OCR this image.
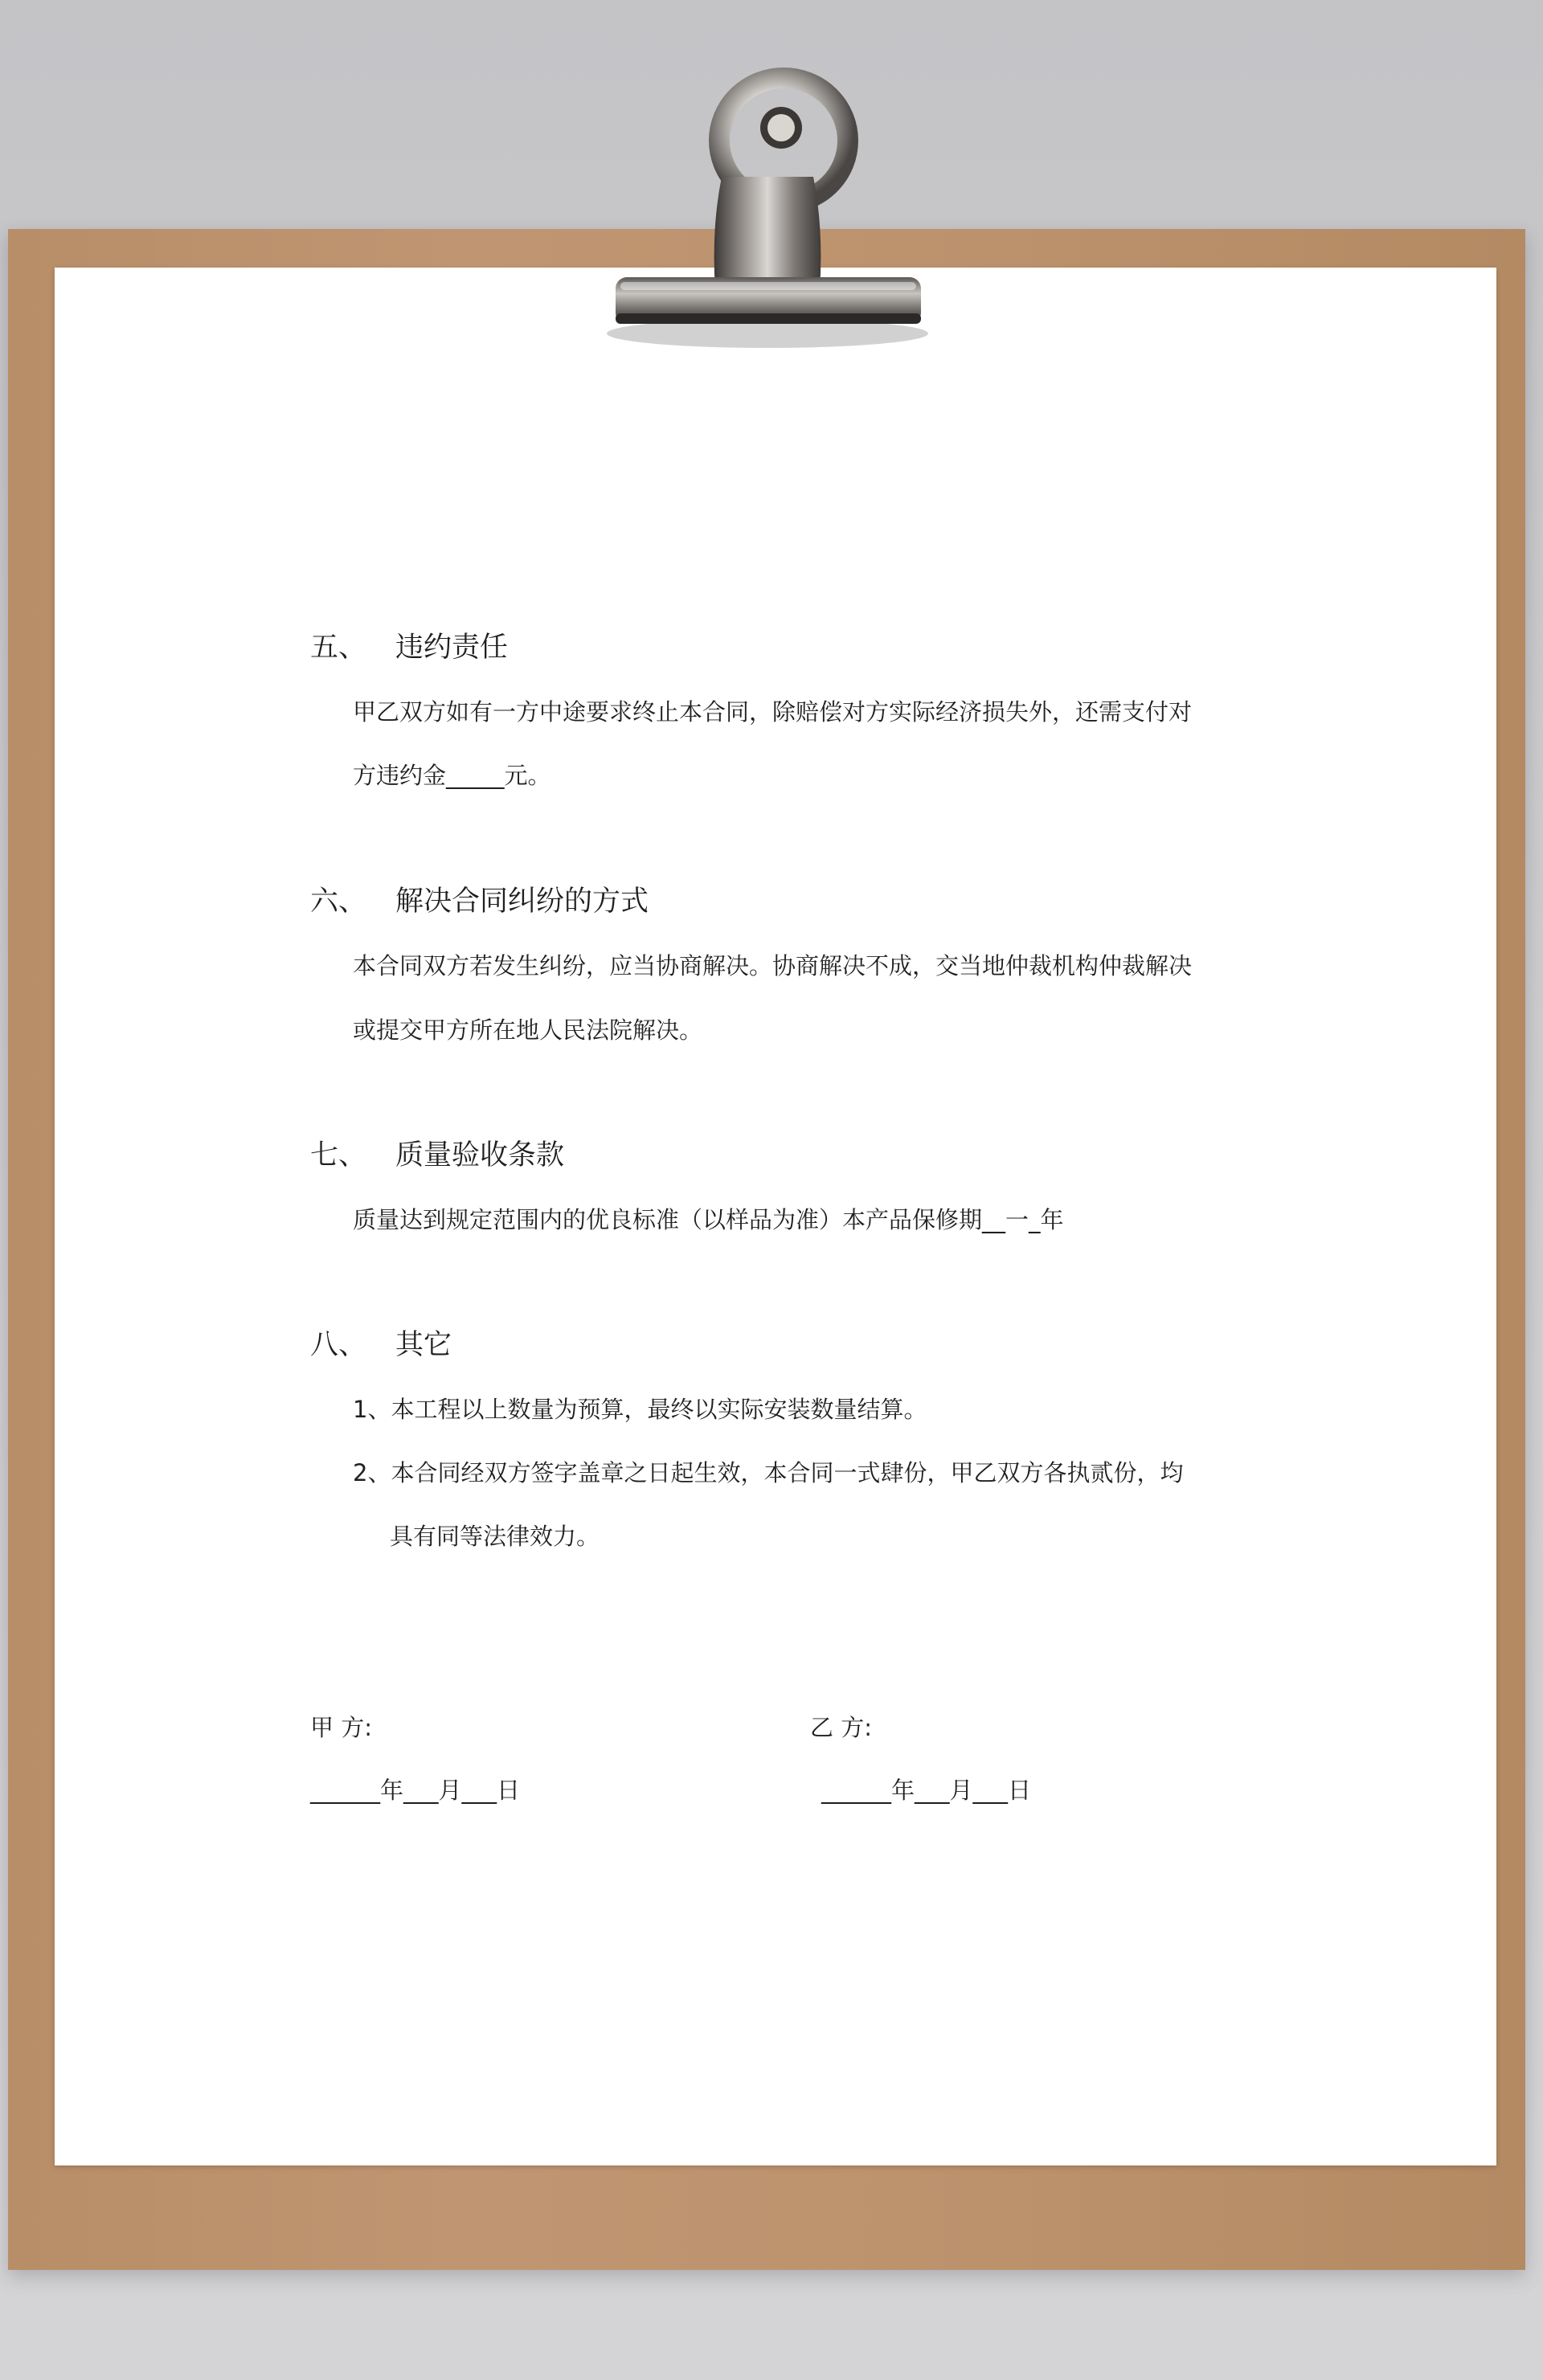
五、 违约责任
甲乙双方如有一方中途要求终止本合同，除赔偿对方实际经济损失外，还需支付对
方违约金_____元。
六、 解决合同纠纷的方式
本合同双方若发生纠纷，应当协商解决。协商解决不成，交当地仲裁机构仲裁解决
或提交甲方所在地人民法院解决。
七、 质量验收条款
质量达到规定范围内的优良标准（以样品为准）本产品保修期__一_年
八、 其它
1、本工程以上数量为预算，最终以实际安装数量结算。
2、本合同经双方签字盖章之日起生效，本合同一式肆份，甲乙双方各执贰份，均
具有同等法律效力。
甲 方:	乙 方:
______年___月___日	______年___月___日
